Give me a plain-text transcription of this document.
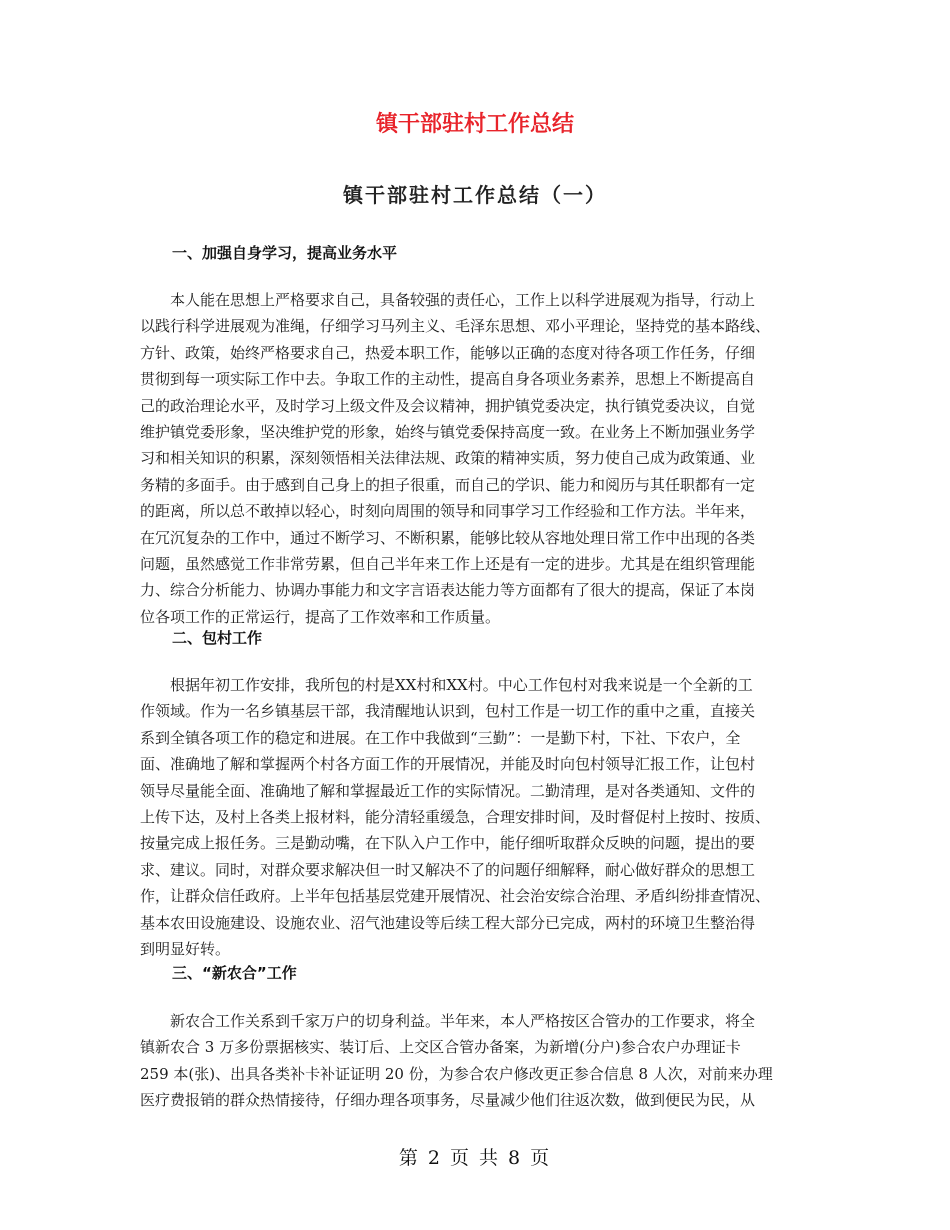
镇干部驻村工作总结
镇干部驻村工作总结（一）
一、加强自身学习，提高业务水平
　　本人能在思想上严格要求自己，具备较强的责任心，工作上以科学进展观为指导，行动上
以践行科学进展观为准绳，仔细学习马列主义、毛泽东思想、邓小平理论，坚持党的基本路线、
方针、政策，始终严格要求自己，热爱本职工作，能够以正确的态度对待各项工作任务，仔细
贯彻到每一项实际工作中去。争取工作的主动性，提高自身各项业务素养，思想上不断提高自
己的政治理论水平，及时学习上级文件及会议精神，拥护镇党委决定，执行镇党委决议，自觉
维护镇党委形象，坚决维护党的形象，始终与镇党委保持高度一致。在业务上不断加强业务学
习和相关知识的积累，深刻领悟相关法律法规、政策的精神实质，努力使自己成为政策通、业
务精的多面手。由于感到自己身上的担子很重，而自己的学识、能力和阅历与其任职都有一定
的距离，所以总不敢掉以轻心，时刻向周围的领导和同事学习工作经验和工作方法。半年来，
在冗沉复杂的工作中，通过不断学习、不断积累，能够比较从容地处理日常工作中出现的各类
问题，虽然感觉工作非常劳累，但自己半年来工作上还是有一定的进步。尤其是在组织管理能
力、综合分析能力、协调办事能力和文字言语表达能力等方面都有了很大的提高，保证了本岗
位各项工作的正常运行，提高了工作效率和工作质量。
二、包村工作
　　根据年初工作安排，我所包的村是XX村和XX村。中心工作包村对我来说是一个全新的工
作领域。作为一名乡镇基层干部，我清醒地认识到，包村工作是一切工作的重中之重，直接关
系到全镇各项工作的稳定和进展。在工作中我做到“三勤”：一是勤下村，下社、下农户，全
面、准确地了解和掌握两个村各方面工作的开展情况，并能及时向包村领导汇报工作，让包村
领导尽量能全面、准确地了解和掌握最近工作的实际情况。二勤清理，是对各类通知、文件的
上传下达，及村上各类上报材料，能分清轻重缓急，合理安排时间，及时督促村上按时、按质、
按量完成上报任务。三是勤动嘴，在下队入户工作中，能仔细听取群众反映的问题，提出的要
求、建议。同时，对群众要求解决但一时又解决不了的问题仔细解释，耐心做好群众的思想工
作，让群众信任政府。上半年包括基层党建开展情况、社会治安综合治理、矛盾纠纷排查情况、
基本农田设施建设、设施农业、沼气池建设等后续工程大部分已完成，两村的环境卫生整治得
到明显好转。
三、“新农合”工作
　　新农合工作关系到千家万户的切身利益。半年来，本人严格按区合管办的工作要求，将全
镇新农合 3 万多份票据核实、装订后、上交区合管办备案，为新增(分户)参合农户办理证卡
259 本(张)、出具各类补卡补证证明 20 份，为参合农户修改更正参合信息 8 人次，对前来办理
医疗费报销的群众热情接待，仔细办理各项事务，尽量减少他们往返次数，做到便民为民，从
第 2 页 共 8 页
